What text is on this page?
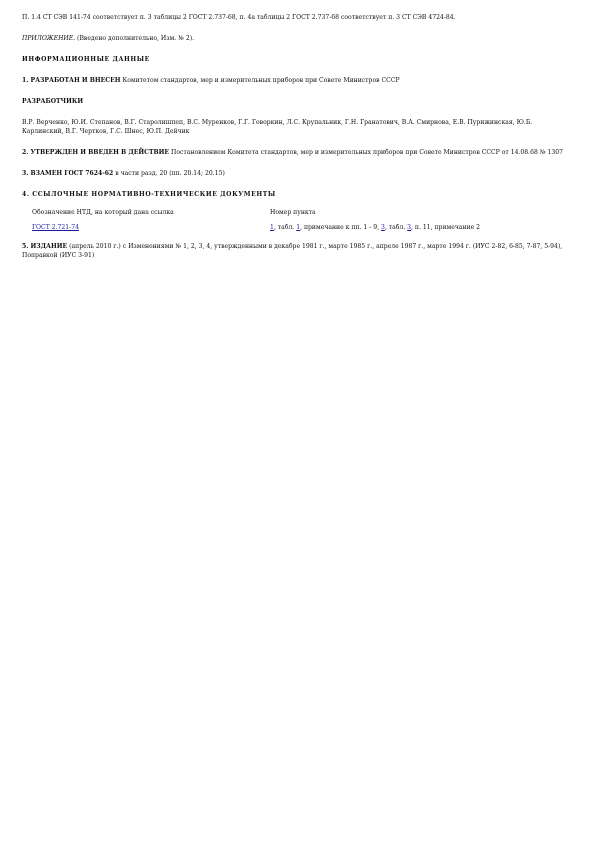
П. 1.4 СТ СЭВ 141-74 соответствует п. 3 таблицы 2 ГОСТ 2.737-68, п. 4а таблицы 2 ГОСТ 2.737-68 соответствует п. 3 СТ СЭВ 4724-84.

ПРИЛОЖЕНИЕ. (Введено дополнительно, Изм. № 2).

ИНФОРМАЦИОННЫЕ ДАННЫЕ

1. РАЗРАБОТАН И ВНЕСЕН Комитетом стандартов, мер и измерительных приборов при Совете Министров СССР

РАЗРАБОТЧИКИ

В.Р. Верченко, Ю.И. Степанов, В.Г. Старолишпеп, В.С. Муренков, Г.Г. Говоркин, Л.С. Крупальник, Г.Н. Гранатович, В.А. Смирнова, Е.В. Пурижинская, Ю.Б. Карлинский, В.Г. Чертков, Г.С. Шнес, Ю.П. Дейчик

2. УТВЕРЖДЕН И ВВЕДЕН В ДЕЙСТВИЕ Постановлением Комитета стандартов, мер и измерительных приборов при Совете Министров СССР от 14.08.68 № 1307

3. ВЗАМЕН ГОСТ 7624-62 в части разд. 20 (пп. 20.14; 20.15)

4. ССЫЛОЧНЫЕ НОРМАТИВНО-ТЕХНИЧЕСКИЕ ДОКУМЕНТЫ

Обозначение НТД, на который дана ссылка	Номер пункта
ГОСТ 2.721-74	1, табл. 1, примечание к пп. 1 - 9, 3, табл. 3, п. 11, примечание 2

5. ИЗДАНИЕ (апрель 2010 г.) с Изменениями № 1, 2, 3, 4, утвержденными в декабре 1981 г., марте 1985 г., апреле 1987 г., марте 1994 г. (ИУС 2-82, 6-85, 7-87, 5-94), Поправкой (ИУС 3-91)
